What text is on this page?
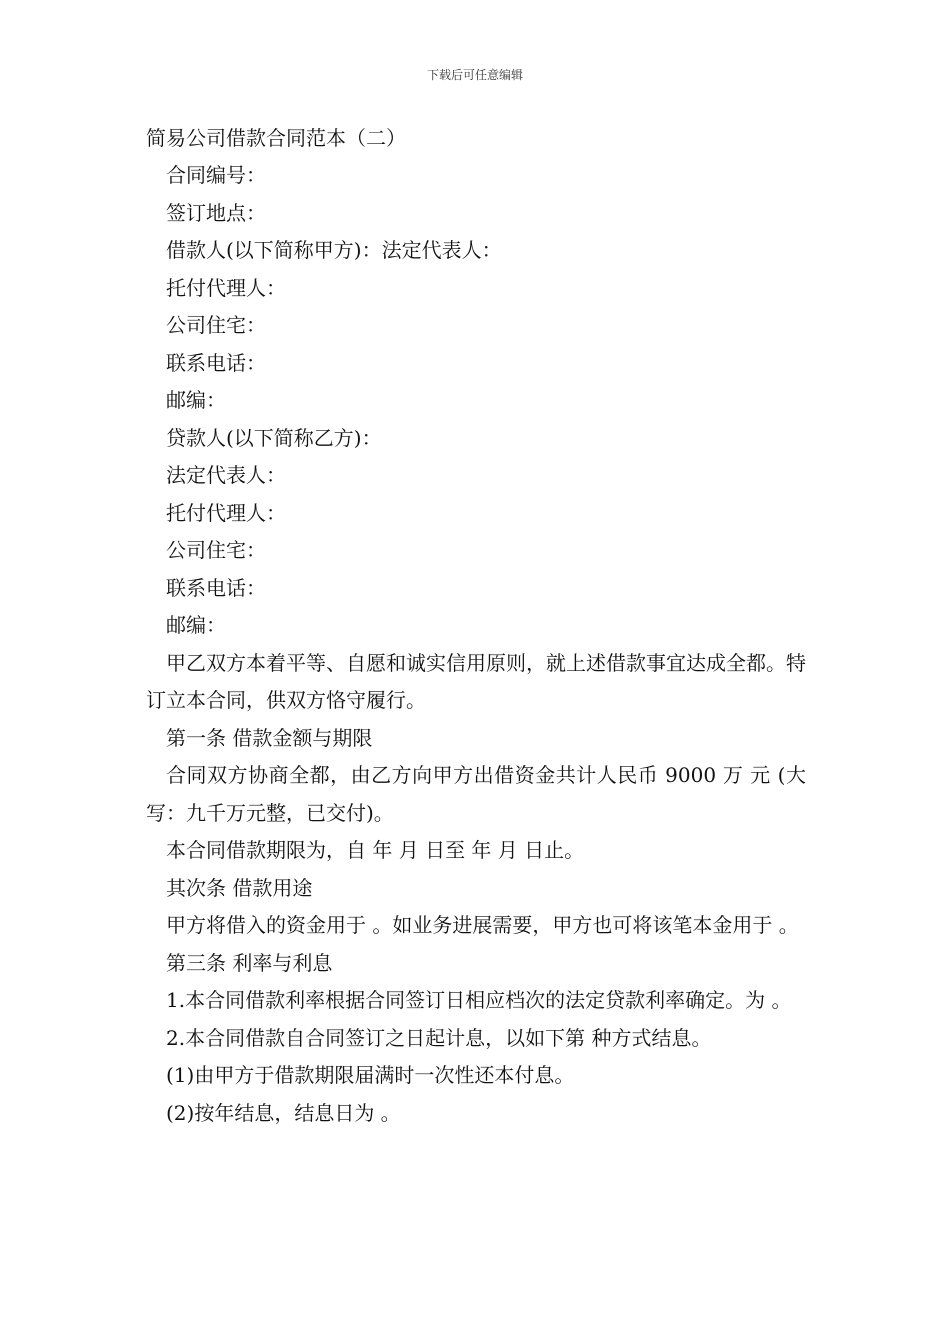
下载后可任意编辑
简易公司借款合同范本（二）
合同编号：
签订地点：
借款人(以下简称甲方)：法定代表人：
托付代理人：
公司住宅：
联系电话：
邮编：
贷款人(以下简称乙方)：
法定代表人：
托付代理人：
公司住宅：
联系电话：
邮编：
甲乙双方本着平等、自愿和诚实信用原则，就上述借款事宜达成全都。特订立本合同，供双方恪守履行。
第一条 借款金额与期限
合同双方协商全都，由乙方向甲方出借资金共计人民币 9000 万 元 (大写：九千万元整，已交付)。
本合同借款期限为，自 年 月 日至 年 月 日止。
其次条 借款用途
甲方将借入的资金用于 。如业务进展需要，甲方也可将该笔本金用于 。
第三条 利率与利息
1.本合同借款利率根据合同签订日相应档次的法定贷款利率确定。为 。
2.本合同借款自合同签订之日起计息，以如下第 种方式结息。
(1)由甲方于借款期限届满时一次性还本付息。
(2)按年结息，结息日为 。
